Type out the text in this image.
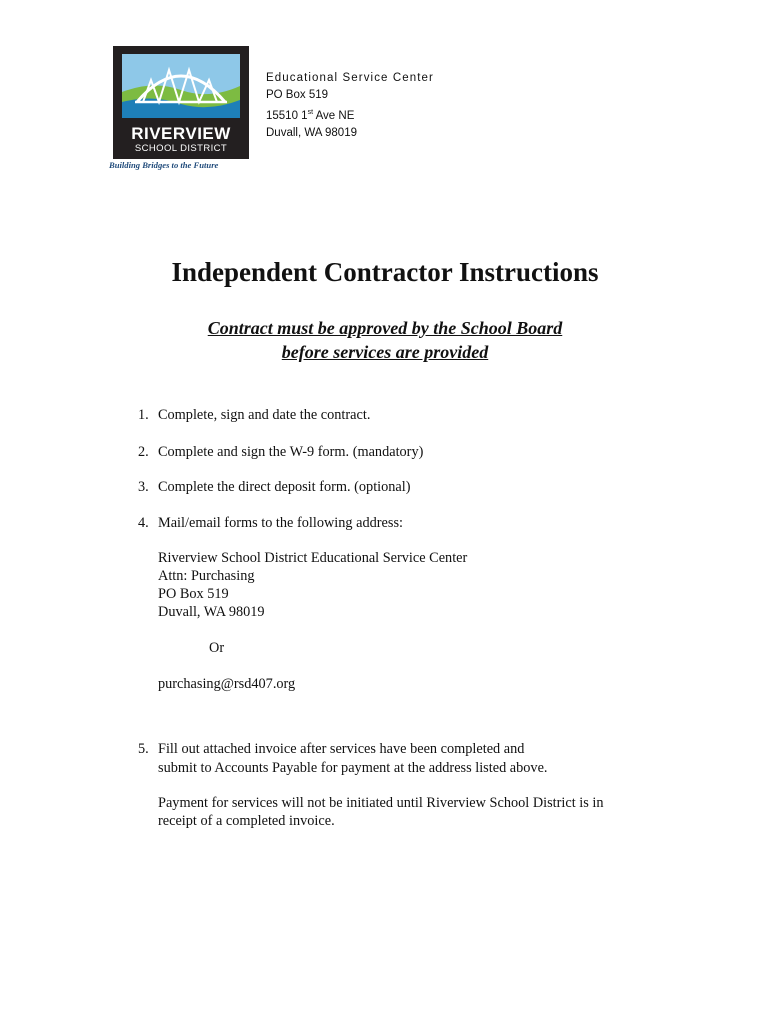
RIVERVIEW
SCHOOL DISTRICT
Building Bridges to the Future
Educational Service Center
PO Box 519
15510 1st Ave NE
Duvall, WA 98019
Independent Contractor Instructions
Contract must be approved by the School Board
before services are provided
1. Complete, sign and date the contract.
2. Complete and sign the W-9 form. (mandatory)
3. Complete the direct deposit form. (optional)
4. Mail/email forms to the following address:
Riverview School District Educational Service Center
Attn: Purchasing
PO Box 519
Duvall, WA 98019
Or
purchasing@rsd407.org
5. Fill out attached invoice after services have been completed and
submit to Accounts Payable for payment at the address listed above.
Payment for services will not be initiated until Riverview School District is in
receipt of a completed invoice.
